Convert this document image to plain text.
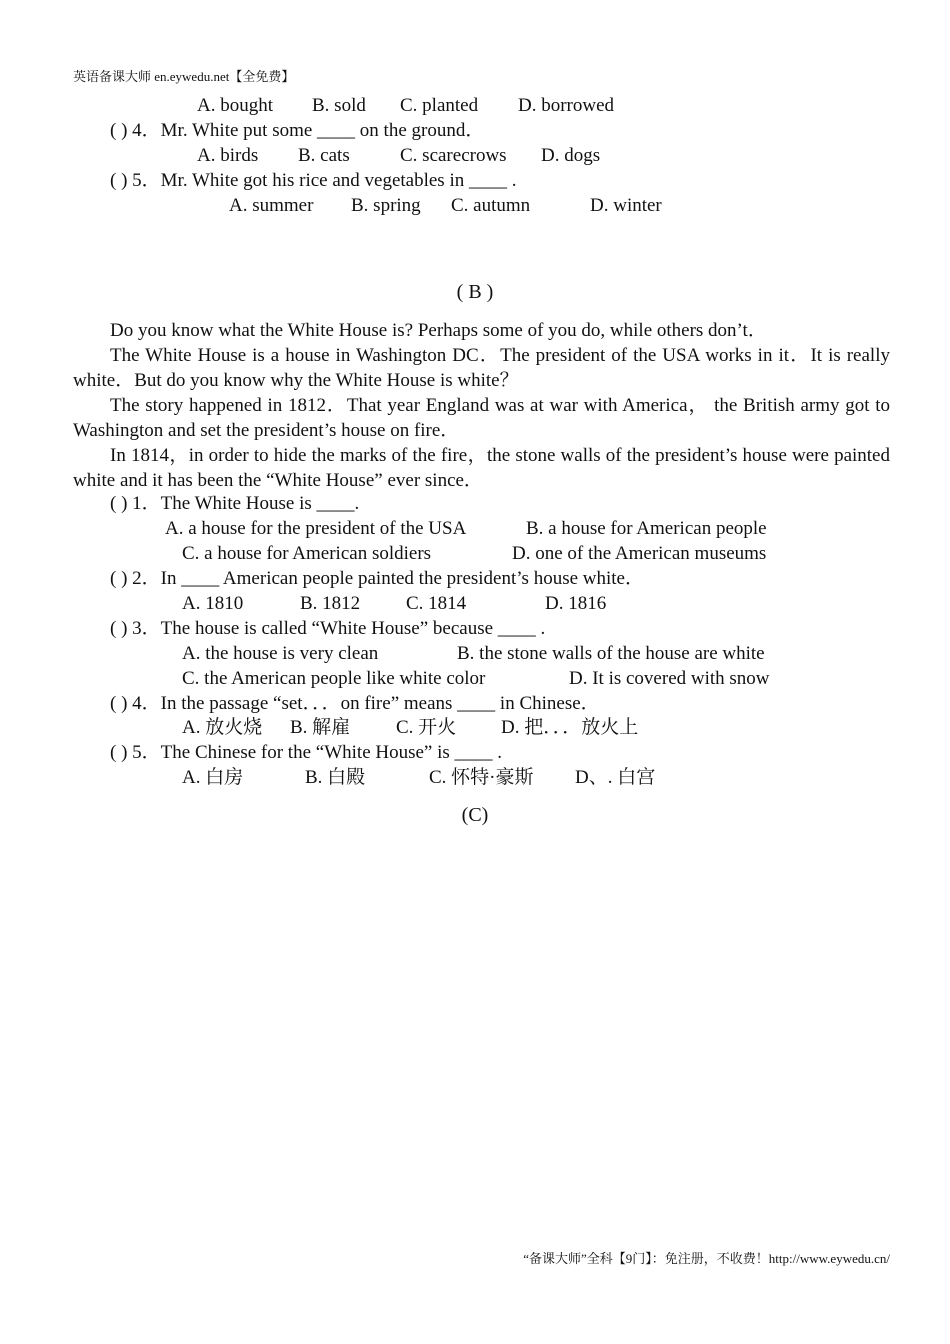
英语备课大师 en.eywedu.net【全免费】
A. bought B. sold C. planted D. borrowed
( ) 4．Mr. White put some ____ on the ground．
A. birds B. cats	C. scarecrows D. dogs
( ) 5．Mr. White got his rice and vegetables in ____ .
A. summer B. spring C. autumn	D. winter
( B )
Do you know what the White House is? Perhaps some of you do, while others don’t．
The White House is a house in Washington DC．The president of the USA works in it．It is really white．But do you know why the White House is white？
The story happened in 1812．That year England was at war with America， the British army got to Washington and set the president’s house on fire．
In 1814，in order to hide the marks of the fire，the stone walls of the president’s house were painted white and it has been the “White House” ever since．
( ) 1．The White House is ____.
A. a house for the president of the USA	B. a house for American people
C. a house for American soldiers	D. one of the American museums
( ) 2．In ____ American people painted the president’s house white．
A. 1810	B. 1812 C. 1814	D. 1816
( ) 3．The house is called “White House” because ____ .
A. the house is very clean	B. the stone walls of the house are white
C. the American people like white color	D. It is covered with snow
( ) 4．In the passage “set．．．on fire” means ____ in Chinese．
A. 放火烧 B. 解雇 C. 开火 D. 把．．．放火上
( ) 5．The Chinese for the “White House” is ____ .
A. 白房	B. 白殿	C. 怀特·豪斯 D、. 白宫
(C)
“备课大师”全科【9门】：免注册，不收费！http://www.eywedu.cn/
